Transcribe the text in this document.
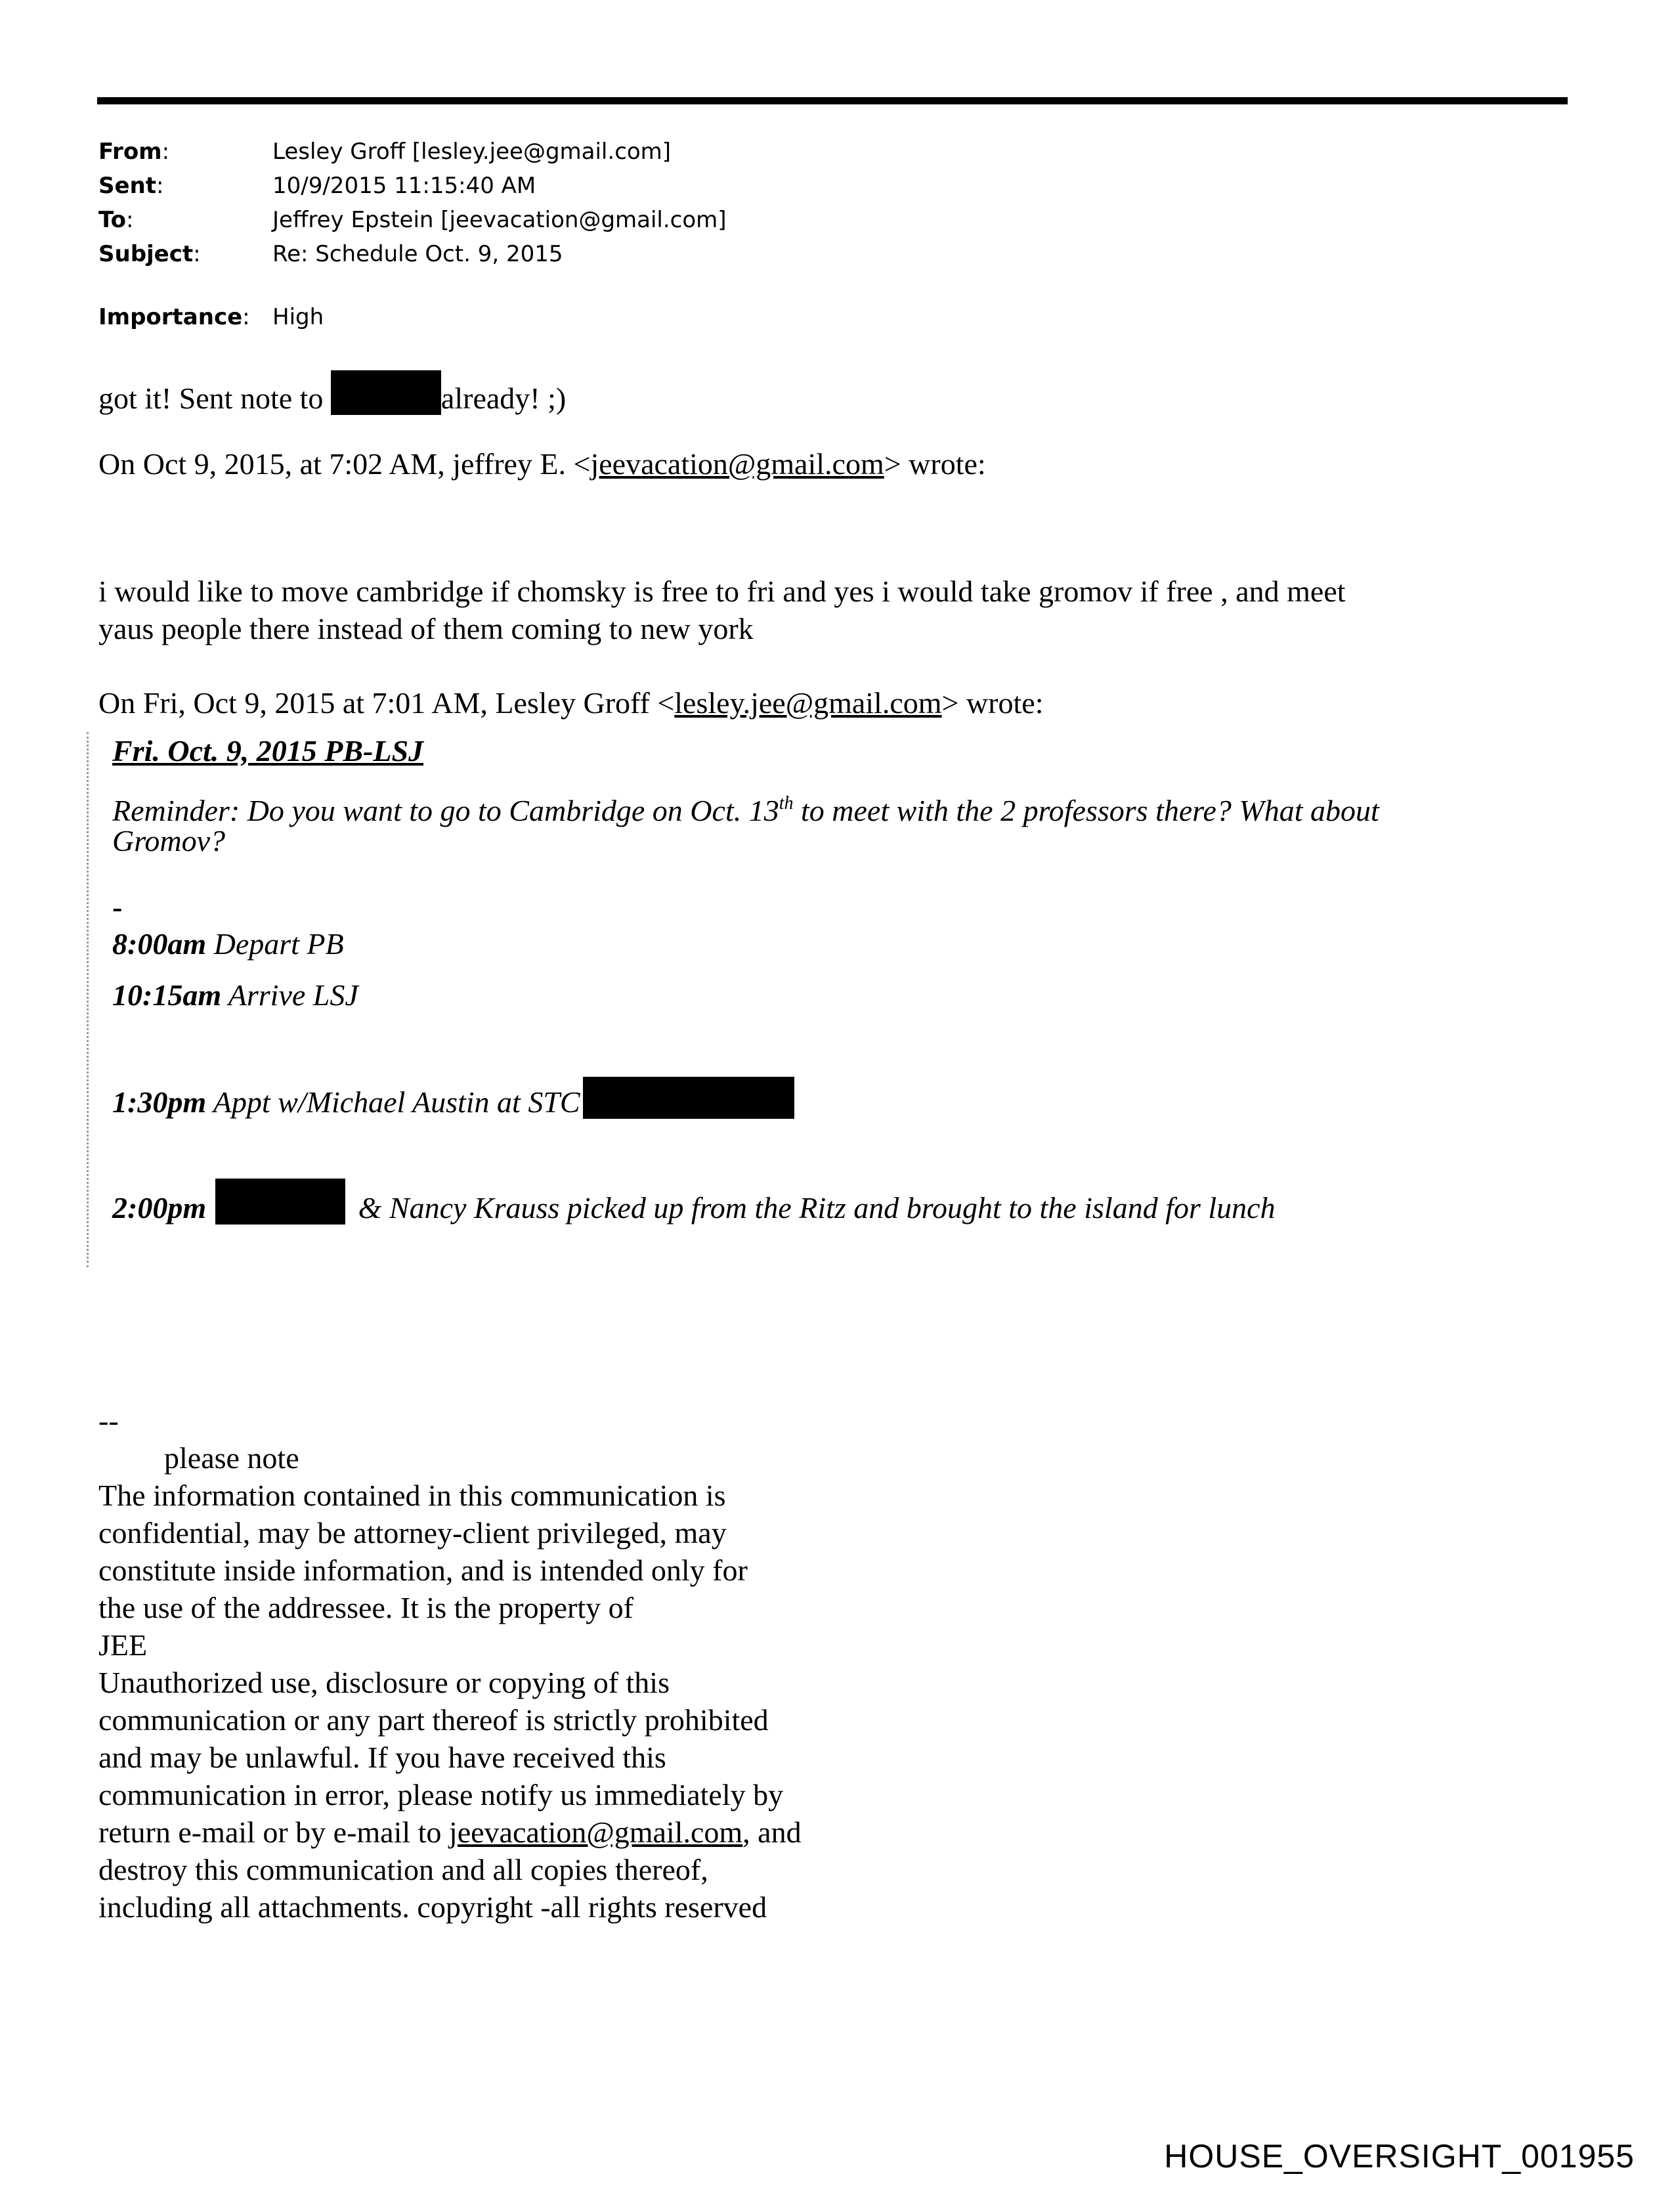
From:	Lesley Groff [lesley.jee@gmail.com]
Sent:	10/9/2015 11:15:40 AM
To:	Jeffrey Epstein [jeevacation@gmail.com]
Subject:	Re: Schedule Oct. 9, 2015
Importance:	High
got it! Sent note to	already! ;)
On Oct 9, 2015, at 7:02 AM, jeffrey E. <jeevacation@gmail.com> wrote:
i would like to move cambridge if chomsky is free to fri and yes i would take gromov if free , and meet
yaus people there instead of them coming to new york
On Fri, Oct 9, 2015 at 7:01 AM, Lesley Groff <lesley.jee@gmail.com> wrote:
Fri. Oct. 9, 2015 PB-LSJ
Reminder: Do you want to go to Cambridge on Oct. 13th to meet with the 2 professors there? What about
Gromov?
-
8:00am Depart PB
10:15am Arrive LSJ
1:30pm Appt w/Michael Austin at STC
2:00pm	& Nancy Krauss picked up from the Ritz and brought to the island for lunch
--
please note
The information contained in this communication is
confidential, may be attorney-client privileged, may
constitute inside information, and is intended only for
the use of the addressee. It is the property of
JEE
Unauthorized use, disclosure or copying of this
communication or any part thereof is strictly prohibited
and may be unlawful. If you have received this
communication in error, please notify us immediately by
return e-mail or by e-mail to jeevacation@gmail.com, and
destroy this communication and all copies thereof,
including all attachments. copyright -all rights reserved
HOUSE_OVERSIGHT_001955
